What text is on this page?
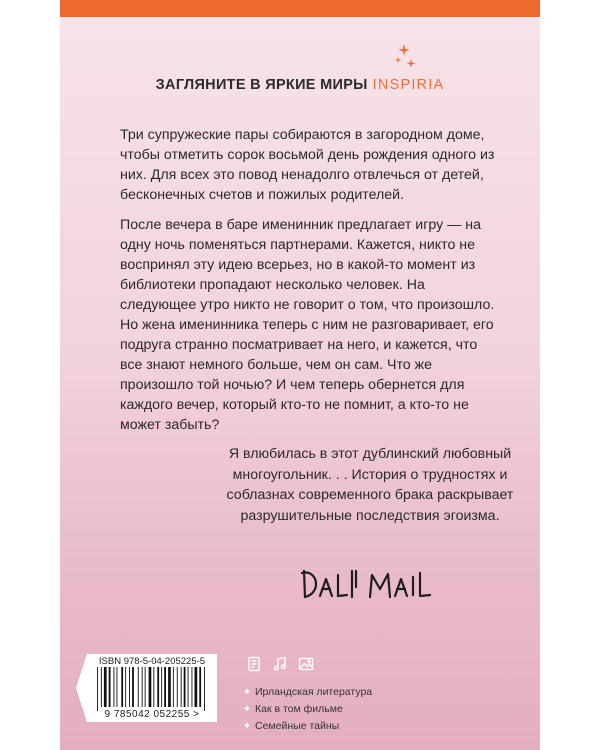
ЗАГЛЯНИТЕ В ЯРКИЕ МИРЫ INSPIRIA

Три супружеские пары собираются в загородном доме, чтобы отметить сорок восьмой день рождения одного из них. Для всех это повод ненадолго отвлечься от детей, бесконечных счетов и пожилых родителей.

После вечера в баре именинник предлагает игру — на одну ночь поменяться партнерами. Кажется, никто не воспринял эту идею всерьез, но в какой-то момент из библиотеки пропадают несколько человек. На следующее утро никто не говорит о том, что произошло. Но жена именинника теперь с ним не разговаривает, его подруга странно посматривает на него, и кажется, что все знают немного больше, чем он сам. Что же произошло той ночью? И чем теперь обернется для каждого вечер, который кто-то не помнит, а кто-то не может забыть?

Я влюбилась в этот дублинский любовный многоугольник. . . История о трудностях и соблазнах современного брака раскрывает разрушительные последствия эгоизма.

ISBN 978-5-04-205225-5
9 785042 052255 >
✦ Ирландская литература
✦ Как в том фильме
✦ Семейные тайны
